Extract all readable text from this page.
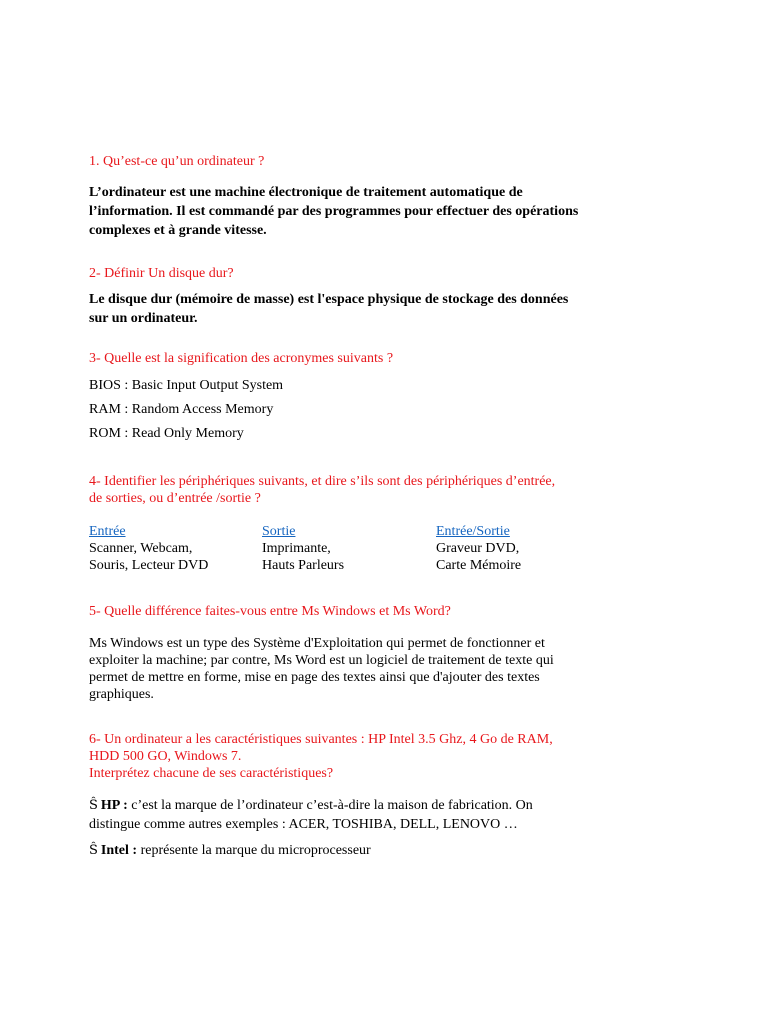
1. Qu’est-ce qu’un ordinateur ?

L’ordinateur est une machine électronique de traitement automatique de
l’information. Il est commandé par des programmes pour effectuer des opérations
complexes et à grande vitesse.

2- Définir Un disque dur?

Le disque dur (mémoire de masse) est l'espace physique de stockage des données
sur un ordinateur.

3- Quelle est la signification des acronymes suivants ?

BIOS : Basic Input Output System
RAM : Random Access Memory
ROM : Read Only Memory
4- Identifier les périphériques suivants, et dire s’ils sont des périphériques d’entrée,
de sorties, ou d’entrée /sortie ?
Entrée
Scanner, Webcam,
Souris, Lecteur DVD
Sortie
Imprimante,
Hauts Parleurs
Entrée/Sortie
Graveur DVD,
Carte Mémoire

5- Quelle différence faites-vous entre Ms Windows et Ms Word?

Ms Windows est un type des Système d'Exploitation qui permet de fonctionner et
exploiter la machine; par contre, Ms Word est un logiciel de traitement de texte qui
permet de mettre en forme, mise en page des textes ainsi que d'ajouter des textes
graphiques.
6- Un ordinateur a les caractéristiques suivantes : HP Intel 3.5 Ghz, 4 Go de RAM,
HDD 500 GO, Windows 7.
Interprétez chacune de ses caractéristiques?
Ŝ HP : c’est la marque de l’ordinateur c’est-à-dire la maison de fabrication. On
distingue comme autres exemples : ACER, TOSHIBA, DELL, LENOVO …
Ŝ Intel : représente la marque du microprocesseur
